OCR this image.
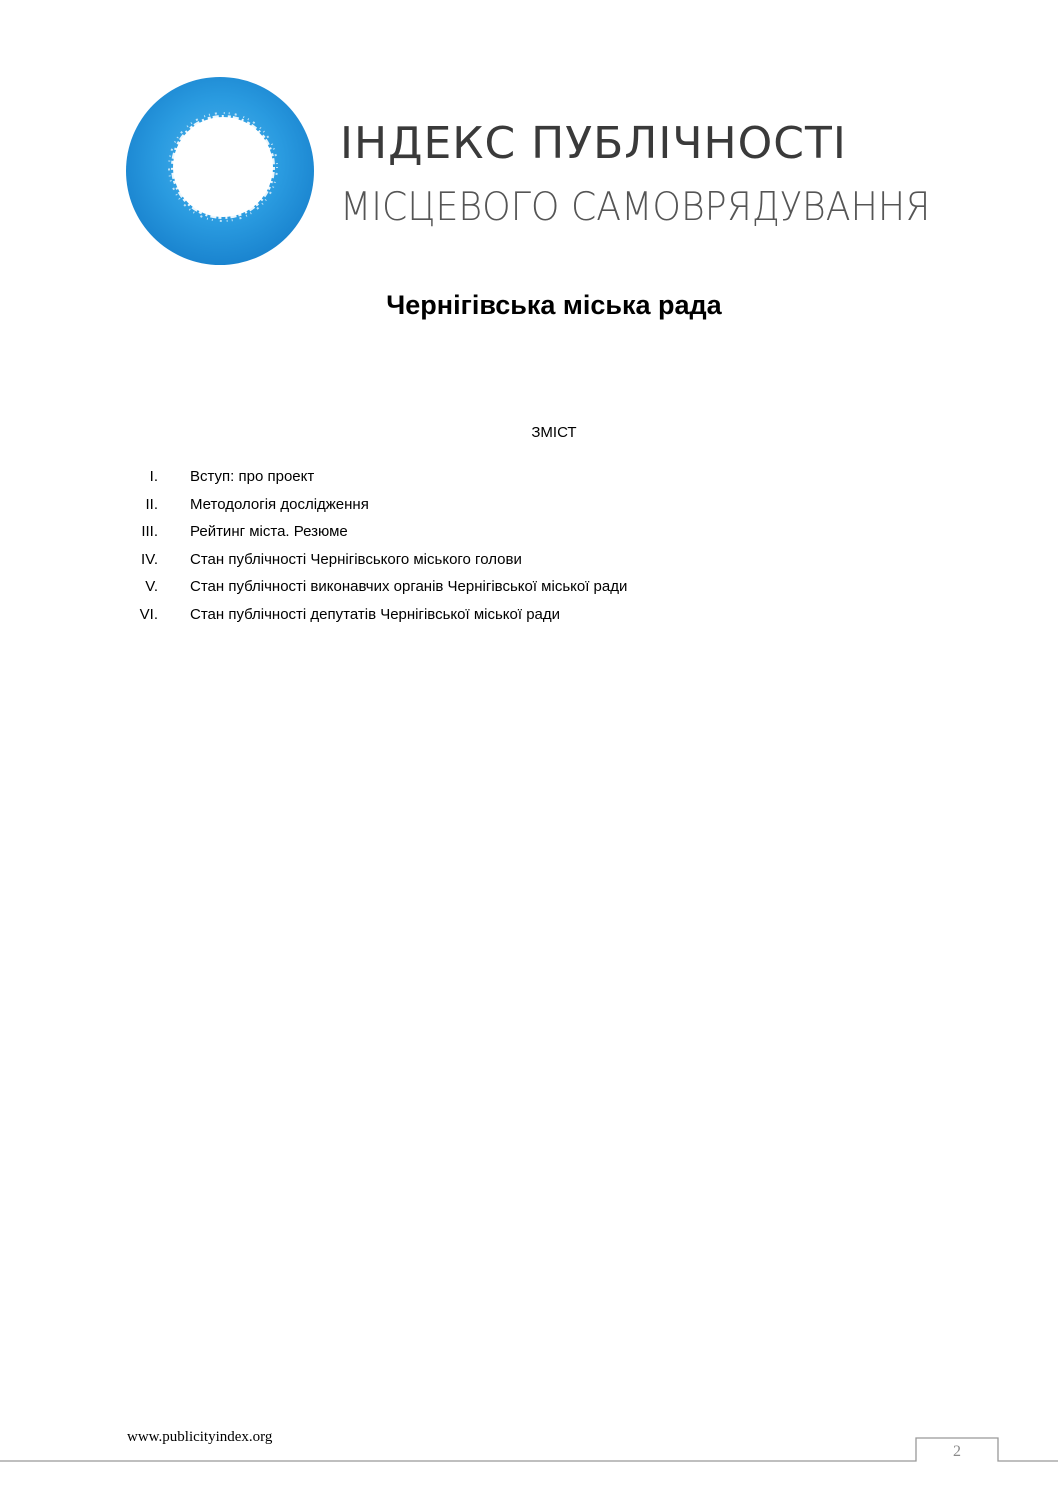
ІНДЕКС ПУБЛІЧНОСТІ
МІСЦЕВОГО САМОВРЯДУВАННЯ
Чернігівська міська рада
ЗМІСТ
I. Вступ: про проект
II. Методологія дослідження
III. Рейтинг міста. Резюме
IV. Стан публічності Чернігівського міського голови
V. Стан публічності виконавчих органів Чернігівської міської ради
VI. Стан публічності депутатів Чернігівської міської ради
www.publicityindex.org
2
